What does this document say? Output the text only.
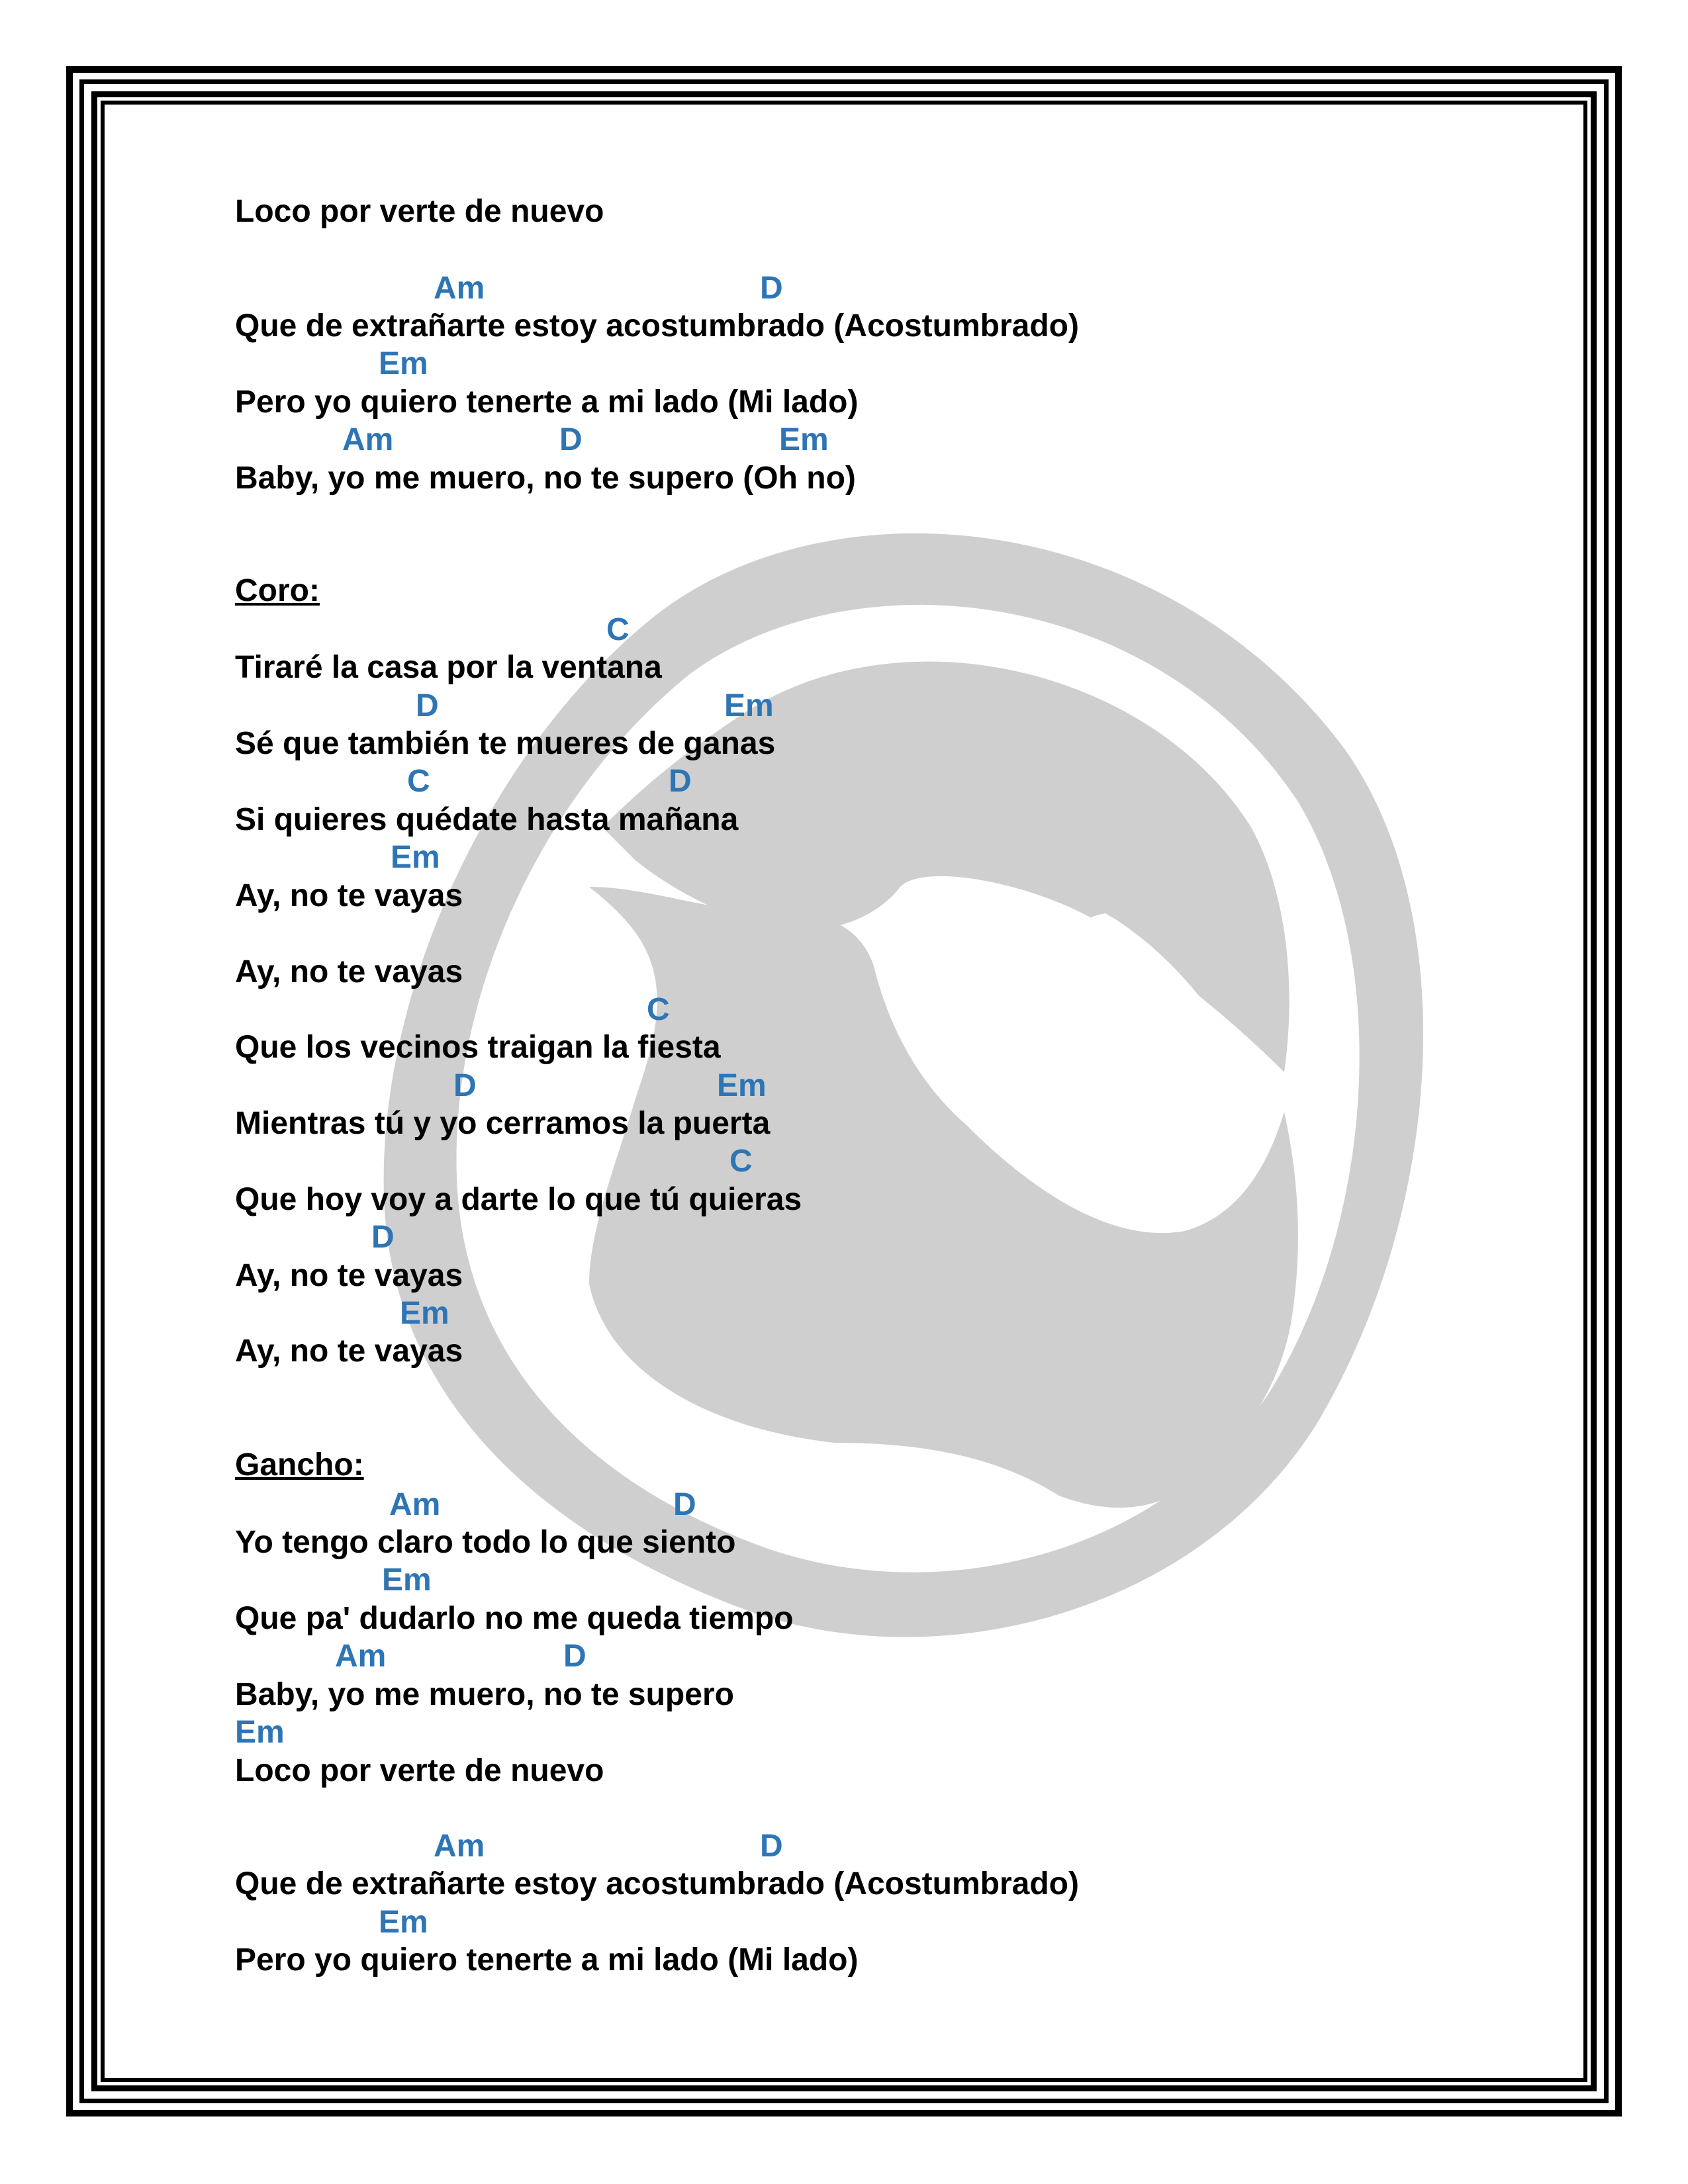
Loco por verte de nuevo
Am	D
Que de extrañarte estoy acostumbrado (Acostumbrado)
Em
Pero yo quiero tenerte a mi lado (Mi lado)
Am	D	Em
Baby, yo me muero, no te supero (Oh no)
Coro:
C
Tiraré la casa por la ventana
D	Em
Sé que también te mueres de ganas
C	D
Si quieres quédate hasta mañana
Em
Ay, no te vayas
Ay, no te vayas
C
Que los vecinos traigan la fiesta
D	Em
Mientras tú y yo cerramos la puerta
C
Que hoy voy a darte lo que tú quieras
D
Ay, no te vayas
Em
Ay, no te vayas
Gancho:
Am	D
Yo tengo claro todo lo que siento
Em
Que pa' dudarlo no me queda tiempo
Am	D
Baby, yo me muero, no te supero
Em
Loco por verte de nuevo
Am	D
Que de extrañarte estoy acostumbrado (Acostumbrado)
Em
Pero yo quiero tenerte a mi lado (Mi lado)
